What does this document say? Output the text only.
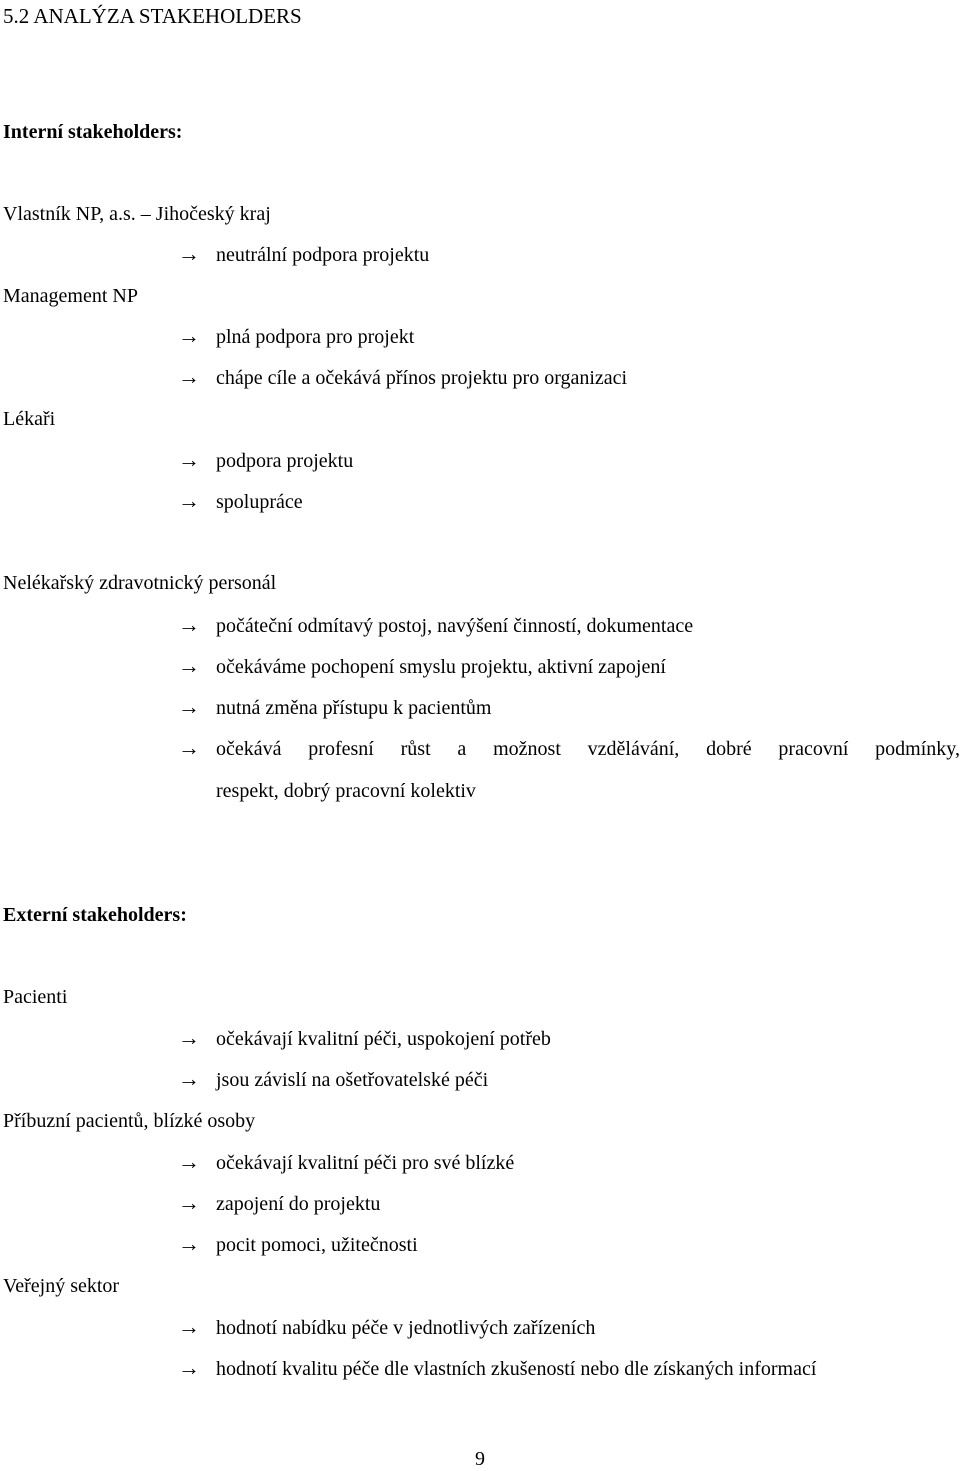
5.2 ANALÝZA STAKEHOLDERS
Interní stakeholders:
Vlastník NP, a.s. – Jihočeský kraj
→ neutrální podpora projektu
Management NP
→ plná podpora pro projekt
→ chápe cíle a očekává přínos projektu pro organizaci
Lékaři
→ podpora projektu
→ spolupráce
Nelékařský zdravotnický personál
→ počáteční odmítavý postoj, navýšení činností, dokumentace
→ očekáváme pochopení smyslu projektu, aktivní zapojení
→ nutná změna přístupu k pacientům
→ očekává profesní růst a možnost vzdělávání, dobré pracovní podmínky,
respekt, dobrý pracovní kolektiv
Externí stakeholders:
Pacienti
→ očekávají kvalitní péči, uspokojení potřeb
→ jsou závislí na ošetřovatelské péči
Příbuzní pacientů, blízké osoby
→ očekávají kvalitní péči pro své blízké
→ zapojení do projektu
→ pocit pomoci, užitečnosti
Veřejný sektor
→ hodnotí nabídku péče v jednotlivých zařízeních
→ hodnotí kvalitu péče dle vlastních zkušeností nebo dle získaných informací
9
